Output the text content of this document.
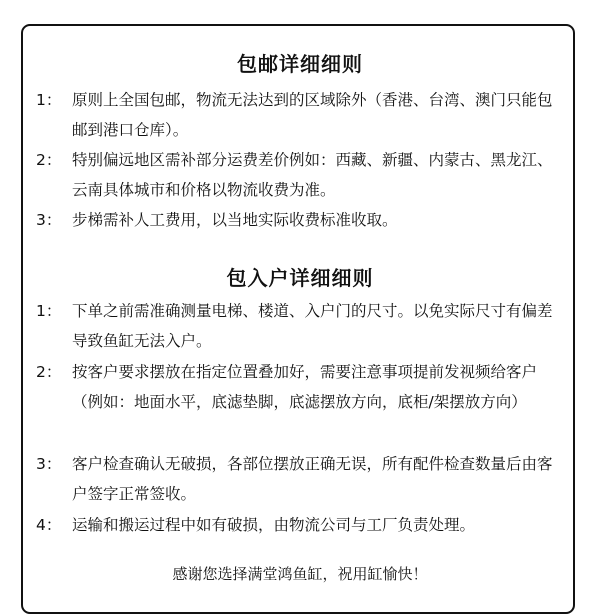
包邮详细细则
1： 原则上全国包邮，物流无法达到的区域除外（香港、台湾、澳门只能包邮到港口仓库）。
2： 特别偏远地区需补部分运费差价例如：西藏、新疆、内蒙古、黑龙江、云南具体城市和价格以物流收费为准。
3： 步梯需补人工费用，以当地实际收费标准收取。
包入户详细细则
1： 下单之前需准确测量电梯、楼道、入户门的尺寸。以免实际尺寸有偏差导致鱼缸无法入户。
2： 按客户要求摆放在指定位置叠加好，需要注意事项提前发视频给客户（例如：地面水平，底滤垫脚，底滤摆放方向，底柜/架摆放方向）
3： 客户检查确认无破损，各部位摆放正确无误，所有配件检查数量后由客户签字正常签收。
4： 运输和搬运过程中如有破损，由物流公司与工厂负责处理。
感谢您选择满堂鸿鱼缸，祝用缸愉快！
